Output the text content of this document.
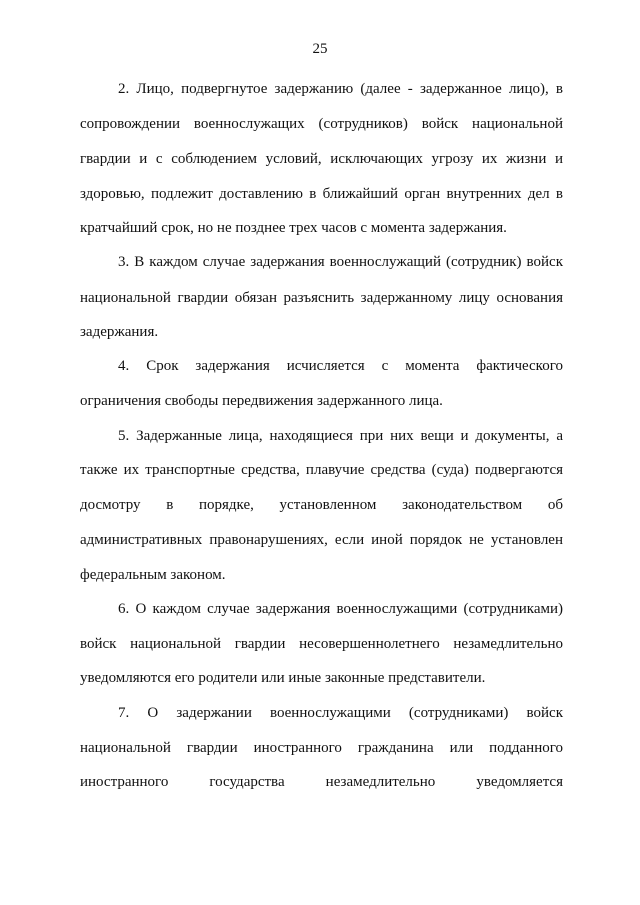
25
2. Лицо, подвергнутое задержанию (далее - задержанное лицо), в
сопровождении военнослужащих (сотрудников) войск национальной
гвардии и с соблюдением условий, исключающих угрозу их жизни и
здоровью, подлежит доставлению в ближайший орган внутренних дел в
кратчайший срок, но не позднее трех часов с момента задержания.
3. В каждом случае задержания военнослужащий (сотрудник) войск
национальной гвардии обязан разъяснить задержанному лицу основания
задержания.
4. Срок задержания исчисляется с момента фактического
ограничения свободы передвижения задержанного лица.
5. Задержанные лица, находящиеся при них вещи и документы, а
также их транспортные средства, плавучие средства (суда) подвергаются
досмотру в порядке, установленном законодательством об
административных правонарушениях, если иной порядок не установлен
федеральным законом.
6. О каждом случае задержания военнослужащими (сотрудниками)
войск национальной гвардии несовершеннолетнего незамедлительно
уведомляются его родители или иные законные представители.
7. О задержании военнослужащими (сотрудниками) войск
национальной гвардии иностранного гражданина или подданного
иностранного государства незамедлительно уведомляется
